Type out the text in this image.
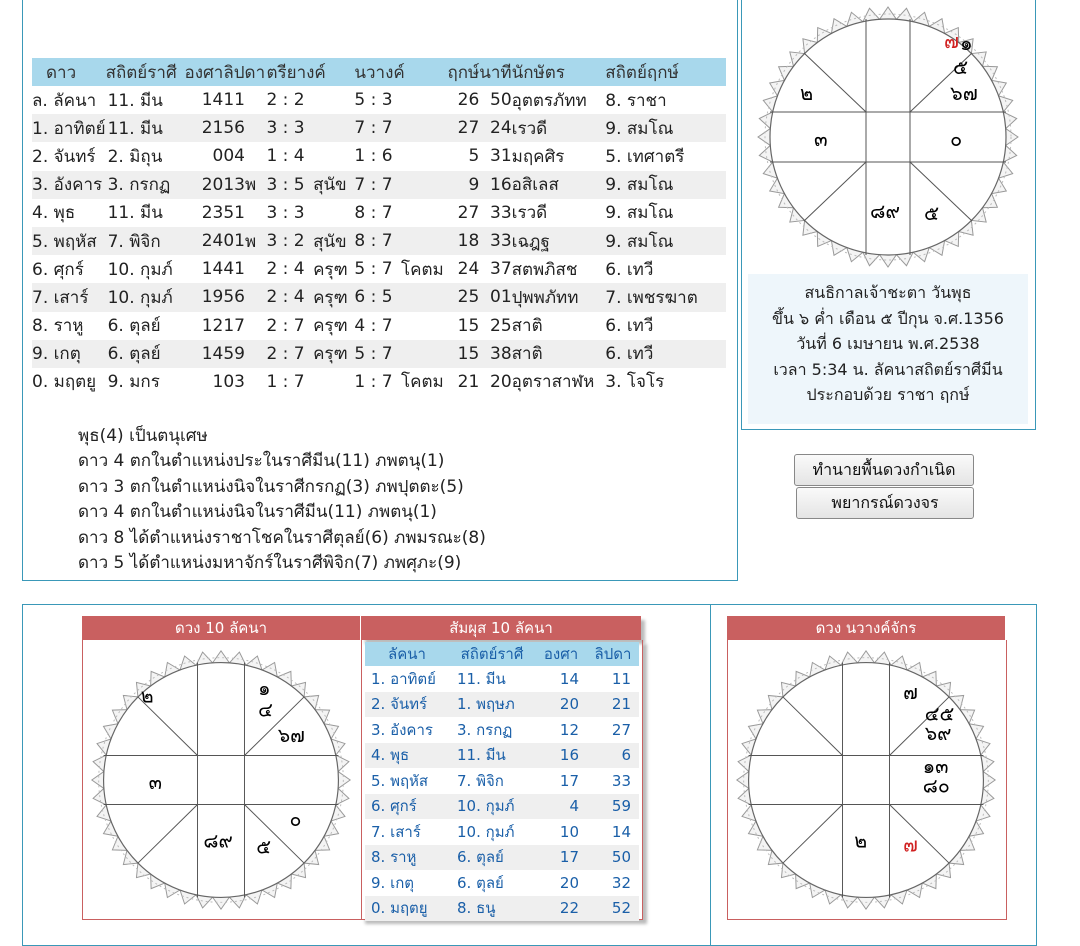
ดาว	สถิตย์ราศี	องศา	ลิปดา		ตรียางค์		นวางค์		ฤกษ์	นาที	นักษัตร	สถิตย์ฤกษ์
ล. ลัคนา	11. มีน	14	11		2 : 2		5 : 3		26	50	อุตตรภัทท	8. ราชา
1. อาทิตย์	11. มีน	21	56		3 : 3		7 : 7		27	24	เรวดี	9. สมโณ
2. จันทร์	2. มิถุน	0	04		1 : 4		1 : 6		5	31	มฤคศิร	5. เทศาตรี
3. อังคาร	3. กรกฏ	20	13	พ	3 : 5	สุนัข	7 : 7		9	16	อสิเลส	9. สมโณ
4. พุธ	11. มีน	23	51		3 : 3		8 : 7		27	33	เรวดี	9. สมโณ
5. พฤหัส	7. พิจิก	24	01	พ	3 : 2	สุนัข	8 : 7		18	33	เฉฎฐ	9. สมโณ
6. ศุกร์	10. กุมภ์	14	41		2 : 4	ครุฑ	5 : 7	โคตม	24	37	สตพภิสช	6. เทวี
7. เสาร์	10. กุมภ์	19	56		2 : 4	ครุฑ	6 : 5		25	01	ปุพพภัทท	7. เพชรฆาต
8. ราหู	6. ตุลย์	12	17		2 : 7	ครุฑ	4 : 7		15	25	สาติ	6. เทวี
9. เกตุ	6. ตุลย์	14	59		2 : 7	ครุฑ	5 : 7		15	38	สาติ	6. เทวี
0. มฤตยู	9. มกร	1	03		1 : 7		1 : 7	โคตม	21	20	อุตราสาฬห	3. โจโร
พุธ(4) เป็นตนุเศษ
ดาว 4 ตกในตำแหน่งประในราศีมีน(11) ภพตนุ(1)
ดาว 3 ตกในตำแหน่งนิจในราศีกรกฏ(3) ภพปุตตะ(5)
ดาว 4 ตกในตำแหน่งนิจในราศีมีน(11) ภพตนุ(1)
ดาว 8 ได้ตำแหน่งราชาโชคในราศีตุลย์(6) ภพมรณะ(8)
ดาว 5 ได้ตำแหน่งมหาจักร์ในราศีพิจิก(7) ภพศุภะ(9)
๗ ๑
๕
๒	๖๗
๓	๐
๘๙ ๕
สนธิกาลเจ้าชะตา วันพุธ
ขึ้น ๖ ค่ำ เดือน ๕ ปีกุน จ.ศ.1356
วันที่ 6 เมษายน พ.ศ.2538
เวลา 5:34 น. ลัคนาสถิตย์ราศีมีน
ประกอบด้วย ราชา ฤกษ์
ทำนายพื้นดวงกำเนิด
พยากรณ์ดวงจร
ดวง 10 ลัคนา
๒	๑
๔
๖๗
๓
๐
๘๙ ๕
สัมผุส 10 ลัคนา
ลัคนา	สถิตย์ราศี	องศา	ลิปดา
1. อาทิตย์	11. มีน	14	11
2. จันทร์	1. พฤษภ	20	21
3. อังคาร	3. กรกฏ	12	27
4. พุธ	11. มีน	16	6
5. พฤหัส	7. พิจิก	17	33
6. ศุกร์	10. กุมภ์	4	59
7. เสาร์	10. กุมภ์	10	14
8. ราหู	6. ตุลย์	17	50
9. เกตุ	6. ตุลย์	20	32
0. มฤตยู	8. ธนู	22	52
ดวง นวางค์จักร
๗
๔๕
๖๙
๑๓
๘๐
๒ ๗
